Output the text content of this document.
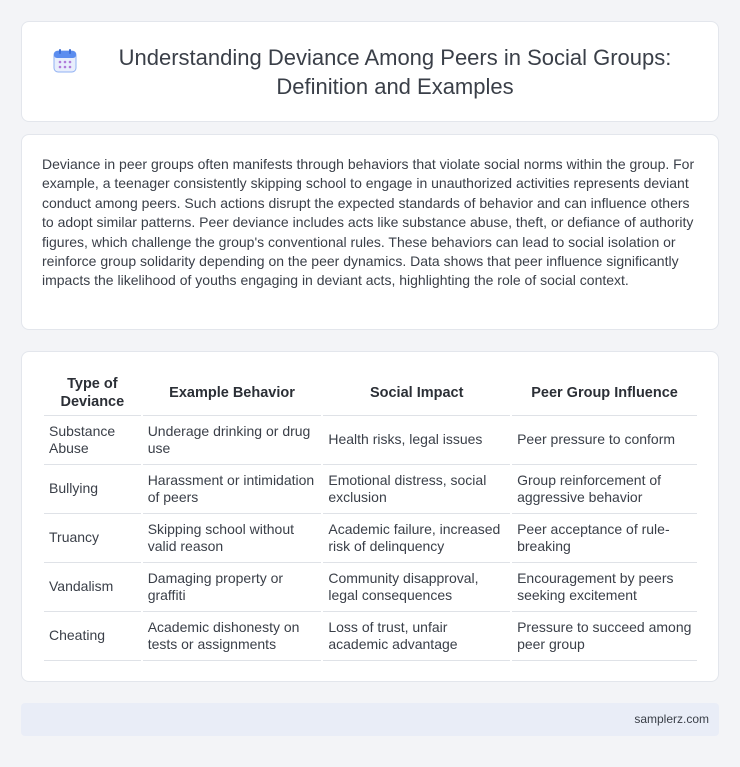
Understanding Deviance Among Peers in Social Groups: Definition and Examples

Deviance in peer groups often manifests through behaviors that violate social norms within the group. For example, a teenager consistently skipping school to engage in unauthorized activities represents deviant conduct among peers. Such actions disrupt the expected standards of behavior and can influence others to adopt similar patterns. Peer deviance includes acts like substance abuse, theft, or defiance of authority figures, which challenge the group's conventional rules. These behaviors can lead to social isolation or reinforce group solidarity depending on the peer dynamics. Data shows that peer influence significantly impacts the likelihood of youths engaging in deviant acts, highlighting the role of social context.

Type of Deviance	Example Behavior	Social Impact	Peer Group Influence
Substance Abuse	Underage drinking or drug use	Health risks, legal issues	Peer pressure to conform
Bullying	Harassment or intimidation of peers	Emotional distress, social exclusion	Group reinforcement of aggressive behavior
Truancy	Skipping school without valid reason	Academic failure, increased risk of delinquency	Peer acceptance of rule-breaking
Vandalism	Damaging property or graffiti	Community disapproval, legal consequences	Encouragement by peers seeking excitement
Cheating	Academic dishonesty on tests or assignments	Loss of trust, unfair academic advantage	Pressure to succeed among peer group
samplerz.com
